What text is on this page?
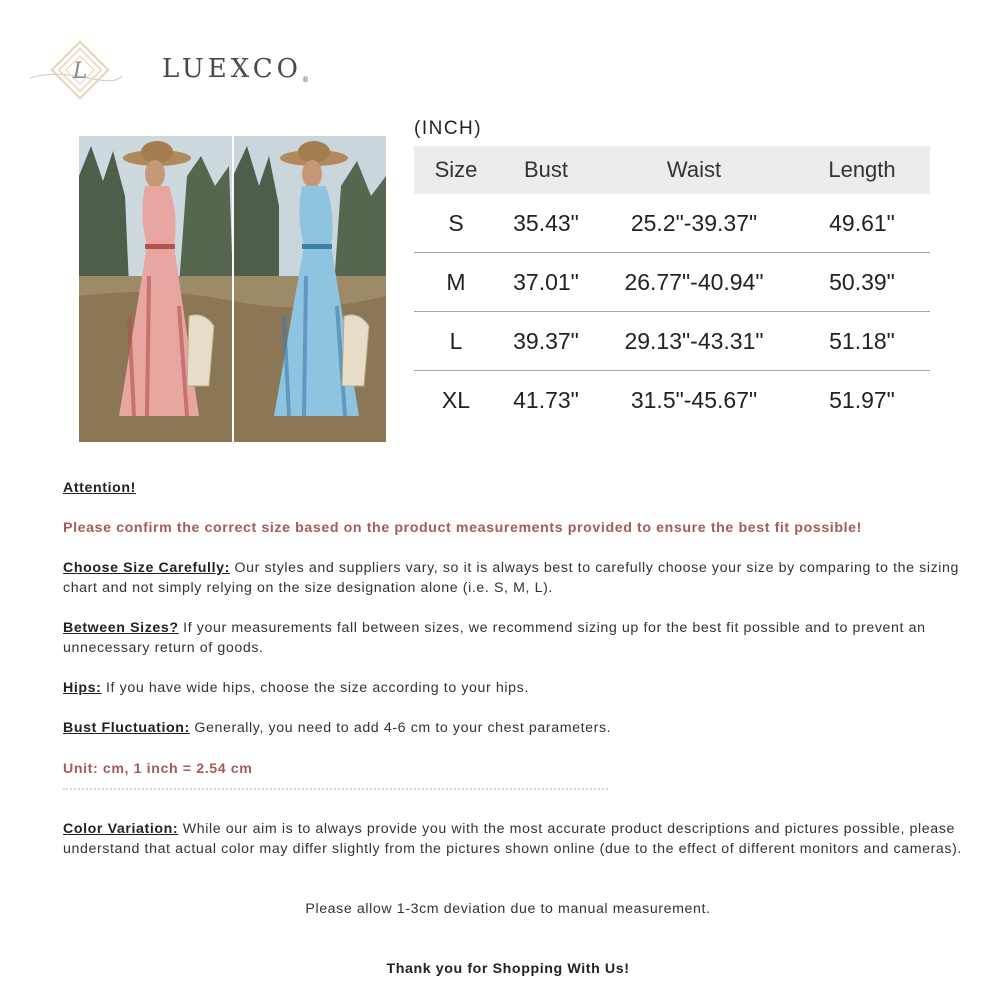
L	LUEXCO®
(INCH)
Size	Bust	Waist	Length
S	35.43"	25.2"-39.37"	49.61"
M	37.01"	26.77"-40.94"	50.39"
L	39.37"	29.13"-43.31"	51.18"
XL	41.73"	31.5"-45.67"	51.97"

Attention!

Please confirm the correct size based on the product measurements provided to ensure the best fit possible!

Choose Size Carefully: Our styles and suppliers vary, so it is always best to carefully choose your size by comparing to the sizing chart and not simply relying on the size designation alone (i.e. S, M, L).

Between Sizes? If your measurements fall between sizes, we recommend sizing up for the best fit possible and to prevent an unnecessary return of goods.

Hips: If you have wide hips, choose the size according to your hips.

Bust Fluctuation: Generally, you need to add 4-6 cm to your chest parameters.

Unit: cm, 1 inch = 2.54 cm

Color Variation: While our aim is to always provide you with the most accurate product descriptions and pictures possible, please understand that actual color may differ slightly from the pictures shown online (due to the effect of different monitors and cameras).

Please allow 1-3cm deviation due to manual measurement.

Thank you for Shopping With Us!
